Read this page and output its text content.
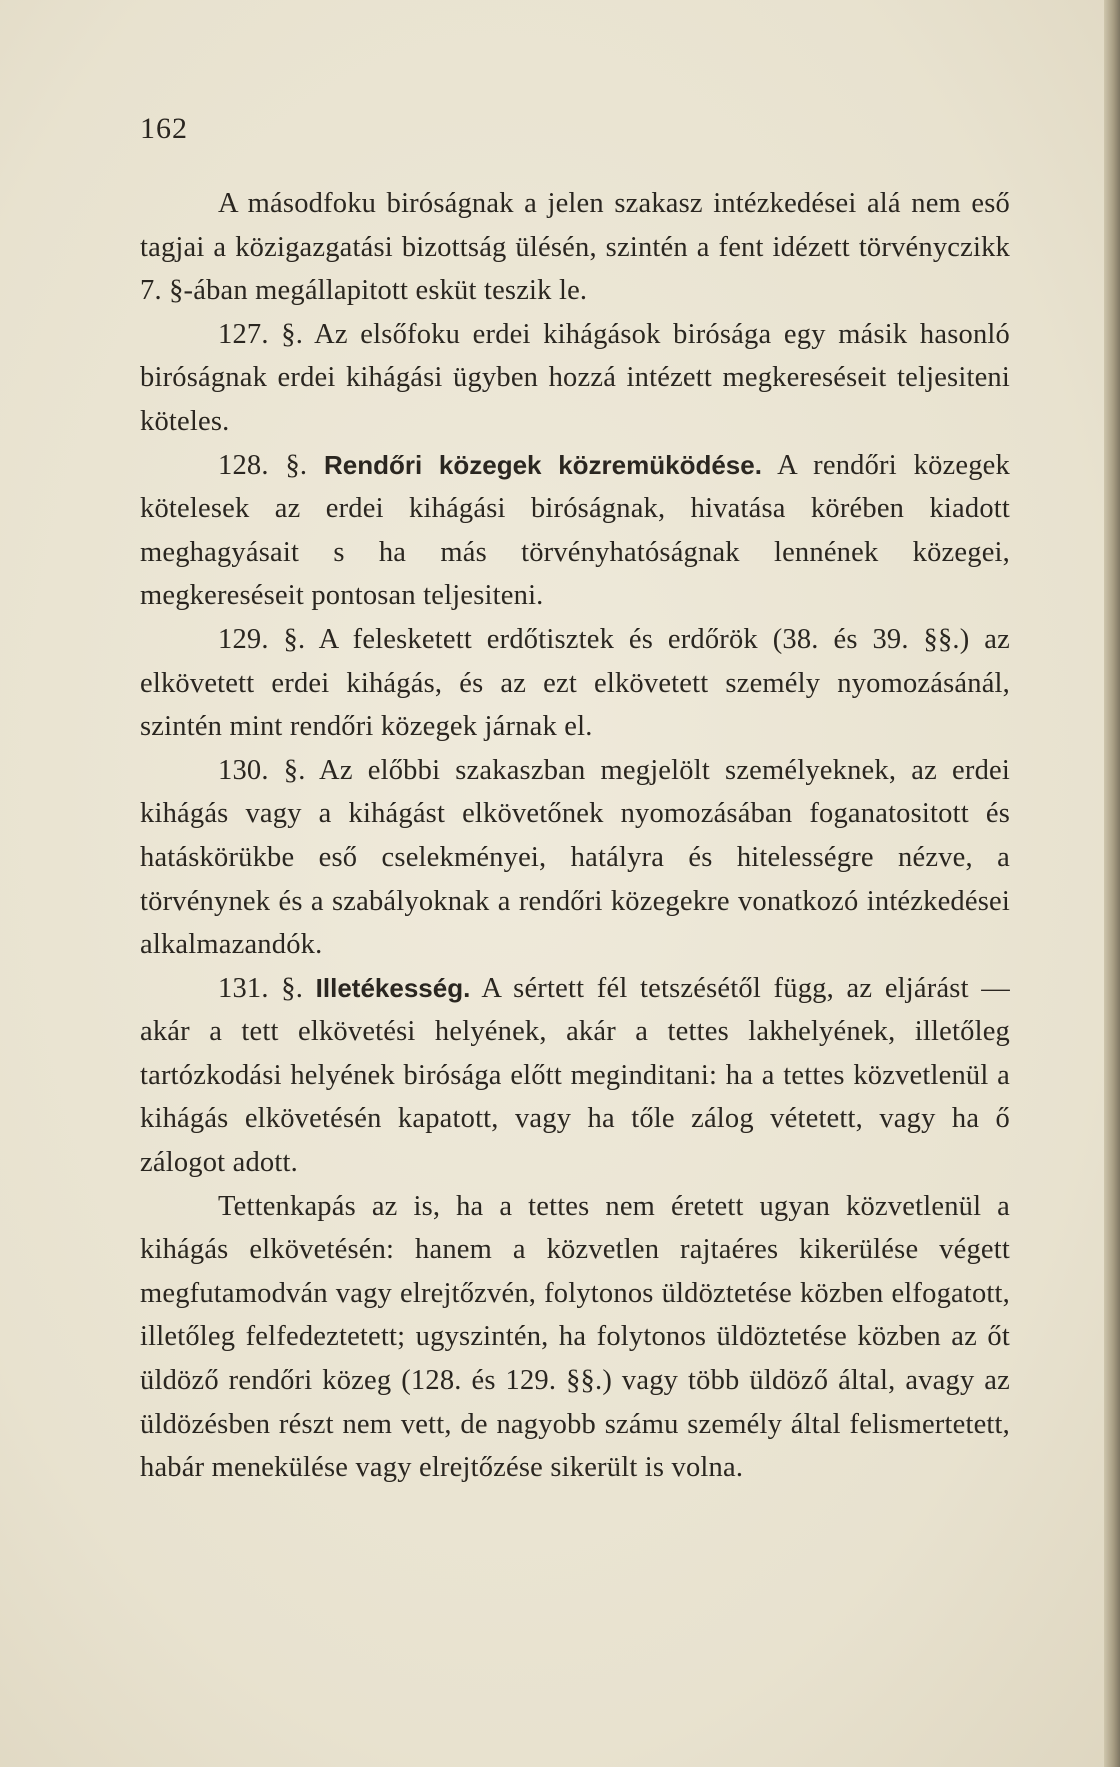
162

A másodfoku biróságnak a jelen szakasz intézkedései alá nem eső tagjai a közigazgatási bizottság ülésén, szintén a fent idézett törvényczikk 7. §-ában megállapitott esküt teszik le.

127. §. Az elsőfoku erdei kihágások birósága egy másik hasonló biróságnak erdei kihágási ügyben hozzá intézett megkereséseit teljesiteni köteles.

128. §. Rendőri közegek közremüködése. A rendőri közegek kötelesek az erdei kihágási biróságnak, hivatása körében kiadott meghagyásait s ha más törvényhatóságnak lennének közegei, megkereséseit pontosan teljesiteni.

129. §. A felesketett erdőtisztek és erdőrök (38. és 39. §§.) az elkövetett erdei kihágás, és az ezt elkövetett személy nyomozásánál, szintén mint rendőri közegek járnak el.

130. §. Az előbbi szakaszban megjelölt személyeknek, az erdei kihágás vagy a kihágást elkövetőnek nyomozásában foganatositott és hatáskörükbe eső cselekményei, hatályra és hitelességre nézve, a törvénynek és a szabályoknak a rendőri közegekre vonatkozó intézkedései alkalmazandók.

131. §. Illetékesség. A sértett fél tetszésétől függ, az eljárást — akár a tett elkövetési helyének, akár a tettes lakhelyének, illetőleg tartózkodási helyének birósága előtt meginditani: ha a tettes közvetlenül a kihágás elkövetésén kapatott, vagy ha tőle zálog vétetett, vagy ha ő zálogot adott.

Tettenkapás az is, ha a tettes nem éretett ugyan közvetlenül a kihágás elkövetésén: hanem a közvetlen rajtaéres kikerülése végett megfutamodván vagy elrejtőzvén, folytonos üldöztetése közben elfogatott, illetőleg felfedeztetett; ugyszintén, ha folytonos üldöztetése közben az őt üldöző rendőri közeg (128. és 129. §§.) vagy több üldöző által, avagy az üldözésben részt nem vett, de nagyobb számu személy által felismertetett, habár menekülése vagy elrejtőzése sikerült is volna.
